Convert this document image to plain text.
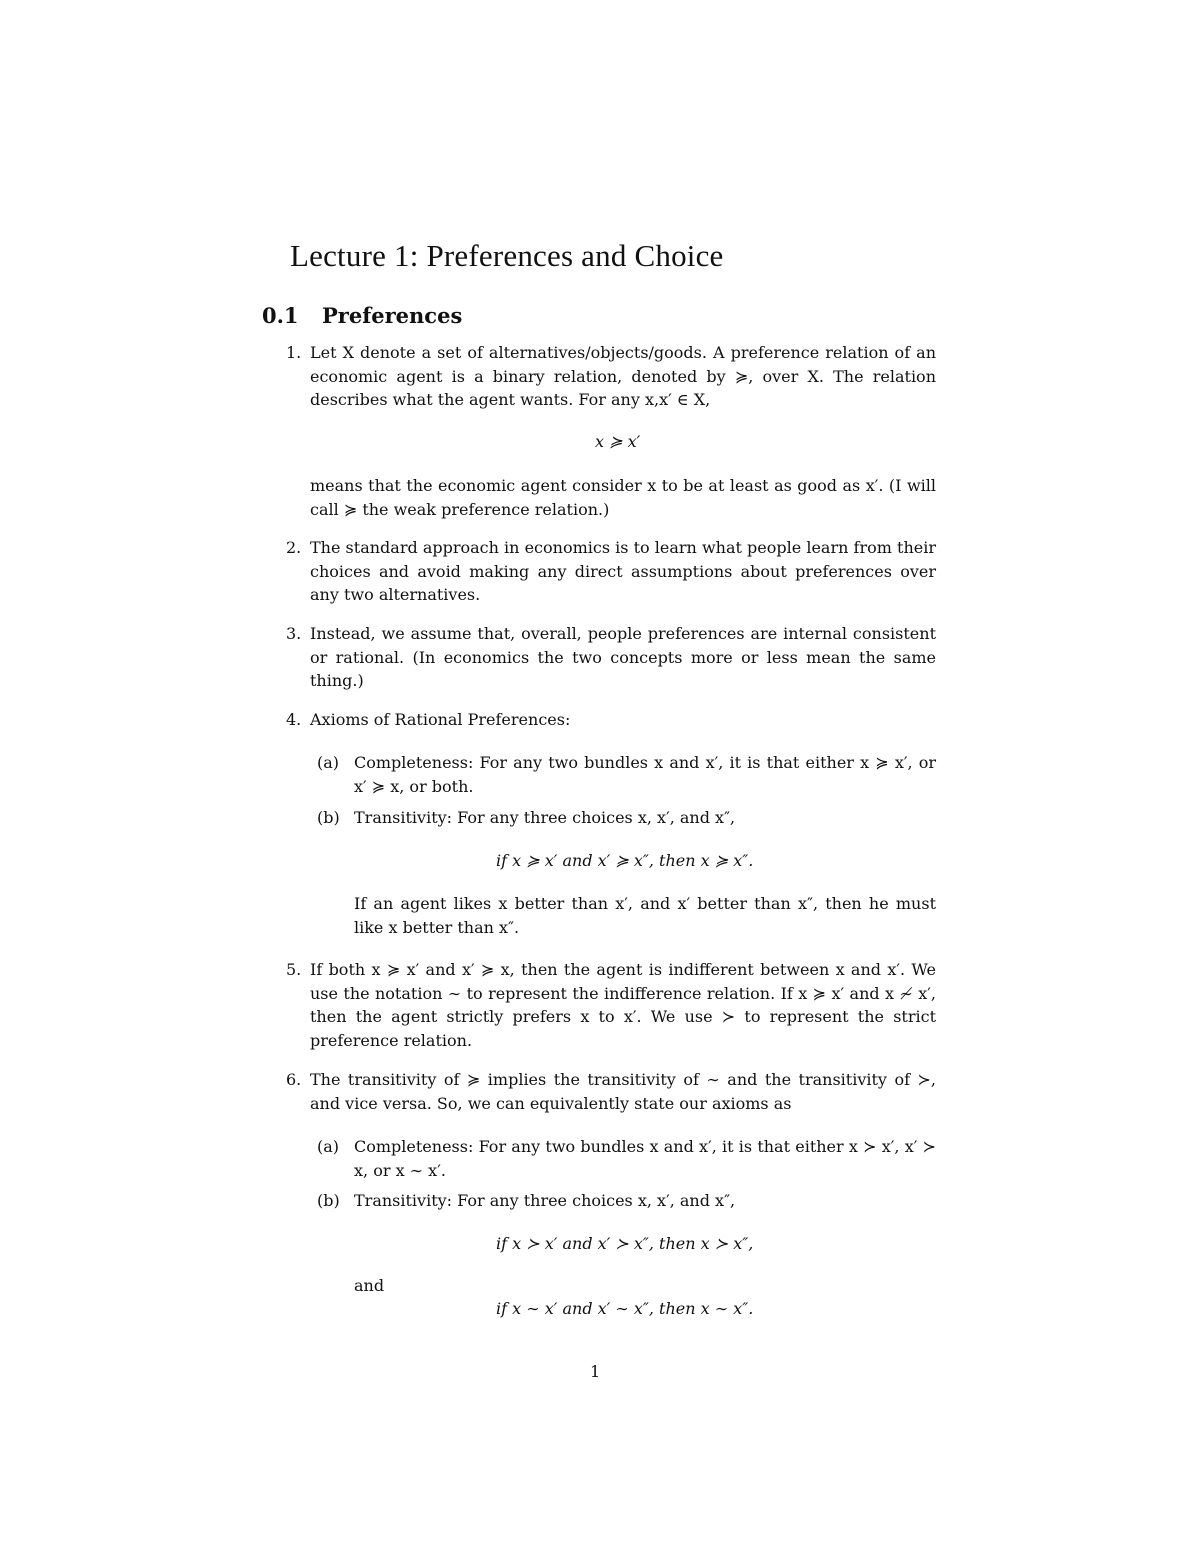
Lecture 1: Preferences and Choice
0.1 Preferences
1. Let X denote a set of alternatives/objects/goods. A preference relation of an economic agent is a binary relation, denoted by ≽, over X. The relation describes what the agent wants. For any x,x′ ∈ X,
x ≽ x′
means that the economic agent consider x to be at least as good as x′. (I will call ≽ the weak preference relation.)
2. The standard approach in economics is to learn what people learn from their choices and avoid making any direct assumptions about preferences over any two alternatives.
3. Instead, we assume that, overall, people preferences are internal consistent or rational. (In economics the two concepts more or less mean the same thing.)
4. Axioms of Rational Preferences:
(a) Completeness: For any two bundles x and x′, it is that either x ≽ x′, or x′ ≽ x, or both.
(b) Transitivity: For any three choices x, x′, and x″,
if x ≽ x′ and x′ ≽ x″, then x ≽ x″.
If an agent likes x better than x′, and x′ better than x″, then he must like x better than x″.
5. If both x ≽ x′ and x′ ≽ x, then the agent is indifferent between x and x′. We use the notation ∼ to represent the indifference relation. If x ≽ x′ and x ≁ x′, then the agent strictly prefers x to x′. We use ≻ to represent the strict preference relation.
6. The transitivity of ≽ implies the transitivity of ∼ and the transitivity of ≻, and vice versa. So, we can equivalently state our axioms as
(a) Completeness: For any two bundles x and x′, it is that either x ≻ x′, x′ ≻ x, or x ∼ x′.
(b) Transitivity: For any three choices x, x′, and x″,
if x ≻ x′ and x′ ≻ x″, then x ≻ x″,
and
if x ∼ x′ and x′ ∼ x″, then x ∼ x″.
1
